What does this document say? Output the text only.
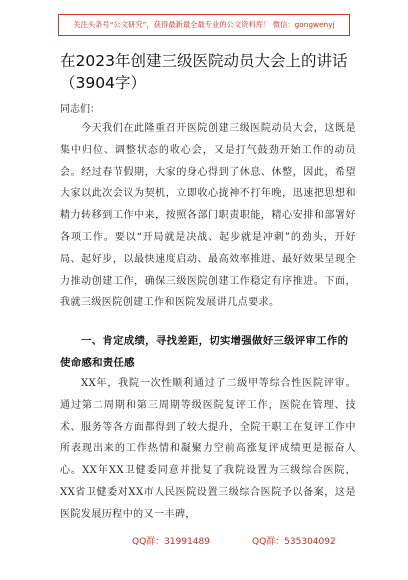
关注头条号“公文研究”，获得最新最全最专业的公文资料库！ 微信：gongwenyj
在2023年创建三级医院动员大会上的讲话（3904字）
同志们：

今天我们在此隆重召开医院创建三级医院动员大会，这既是集中归位、调整状态的收心会，又是打气鼓劲开始工作的动员会。经过春节假期，大家的身心得到了休息、休整，因此，希望大家以此次会议为契机，立即收心拢神不打年晚，迅速把思想和精力转移到工作中来，按照各部门职责职能，精心安排和部署好各项工作。要以“开局就是决战、起步就是冲刺”的劲头，开好局、起好步，以最快速度启动、最高效率推进、最好效果呈现全力推动创建工作，确保三级医院创建工作稳定有序推进。下面，我就三级医院创建工作和医院发展讲几点要求。

一、肯定成绩，寻找差距，切实增强做好三级评审工作的使命感和责任感

XX年，我院一次性顺利通过了二级甲等综合性医院评审。通过第二周期和第三周期等级医院复评工作，医院在管理、技术、服务等各方面都得到了较大提升，全院干职工在复评工作中所表现出来的工作热情和凝聚力空前高涨复评成绩更是振奋人心。XX年XX卫健委同意并批复了我院设置为三级综合医院，XX省卫健委对XX市人民医院设置三级综合医院予以备案，这是医院发展历程中的又一丰碑，

QQ群：31991489	QQ群：535304092
